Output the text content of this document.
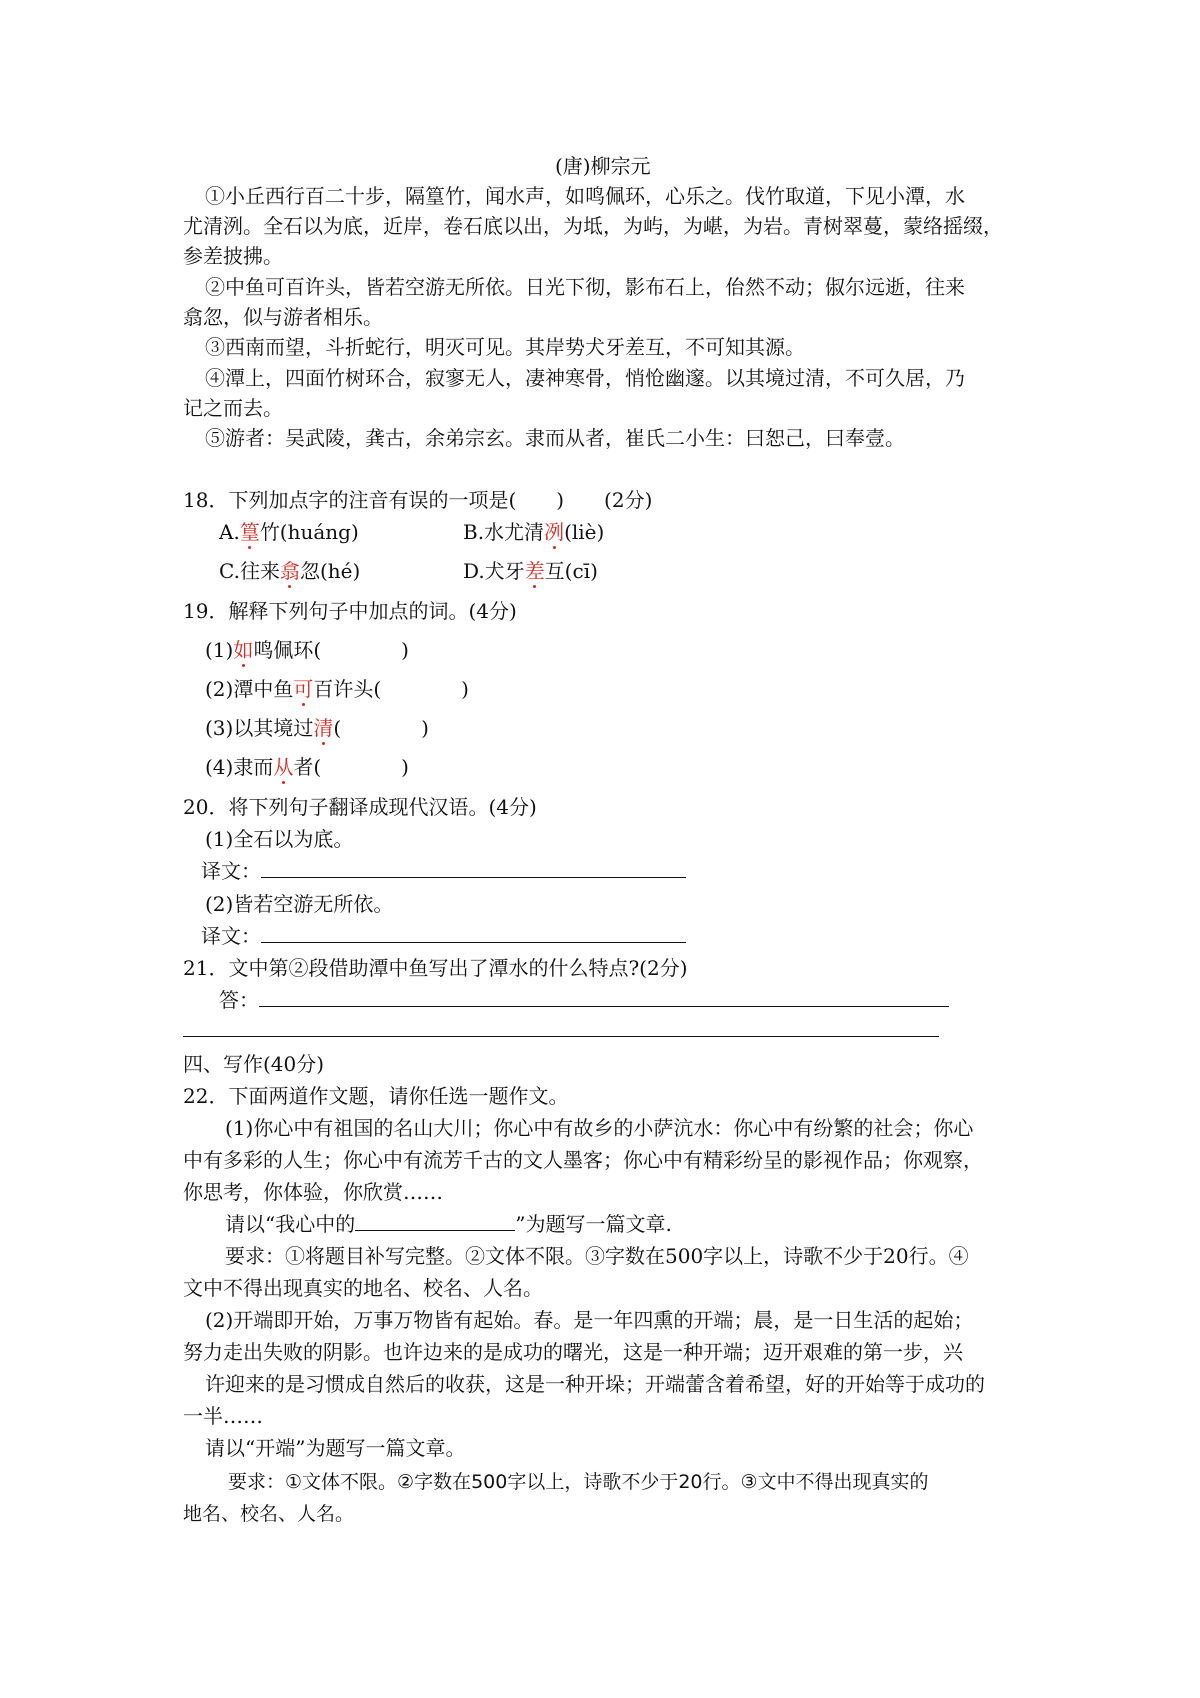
(唐)柳宗元
①小丘西行百二十步，隔篁竹，闻水声，如鸣佩环，心乐之。伐竹取道，下见小潭，水
尤清洌。全石以为底，近岸，卷石底以出，为坻，为屿，为嵁，为岩。青树翠蔓，蒙络摇缀，
参差披拂。
②中鱼可百许头，皆若空游无所依。日光下彻，影布石上，佁然不动；俶尔远逝，往来
翕忽，似与游者相乐。
③西南而望，斗折蛇行，明灭可见。其岸势犬牙差互，不可知其源。
④潭上，四面竹树环合，寂寥无人，凄神寒骨，悄怆幽邃。以其境过清，不可久居，乃
记之而去。
⑤游者：吴武陵，龚古，余弟宗玄。隶而从者，崔氏二小生：曰恕己，曰奉壹。
18．下列加点字的注音有误的一项是(　　)　　(2分)
A.篁竹(huáng)	B.水尤清冽(liè)
C.往来翕忽(hé)	D.犬牙差互(cī)
19．解释下列句子中加点的词。(4分)
(1)如鸣佩环(　　　　)
(2)潭中鱼可百许头(　　　　)
(3)以其境过清(　　　　)
(4)隶而从者(　　　　)
20．将下列句子翻译成现代汉语。(4分)
(1)全石以为底。
译文：
(2)皆若空游无所依。
译文：
21．文中第②段借助潭中鱼写出了潭水的什么特点?(2分)
答：
四、写作(40分)
22．下面两道作文题，请你任选一题作文。
(1)你心中有祖国的名山大川；你心中有故乡的小萨沆水：你心中有纷繁的社会；你心
中有多彩的人生；你心中有流芳千古的文人墨客；你心中有精彩纷呈的影视作品；你观察，
你思考，你体验，你欣赏……
请以“我心中的	”为题写一篇文章.
要求：①将题目补写完整。②文体不限。③字数在500字以上，诗歌不少于20行。④
文中不得出现真实的地名、校名、人名。
(2)开端即开始，万事万物皆有起始。春。是一年四熏的开端；晨，是一日生活的起始；
努力走出失败的阴影。也许边来的是成功的曙光，这是一种开端；迈开艰难的第一步，兴
许迎来的是习惯成自然后的收获，这是一种开垛；开端蕾含着希望，好的开始等于成功的
一半……
请以“开端”为题写一篇文章。
要求：①文体不限。②字数在500字以上，诗歌不少于20行。③文中不得出现真实的
地名、校名、人名。
